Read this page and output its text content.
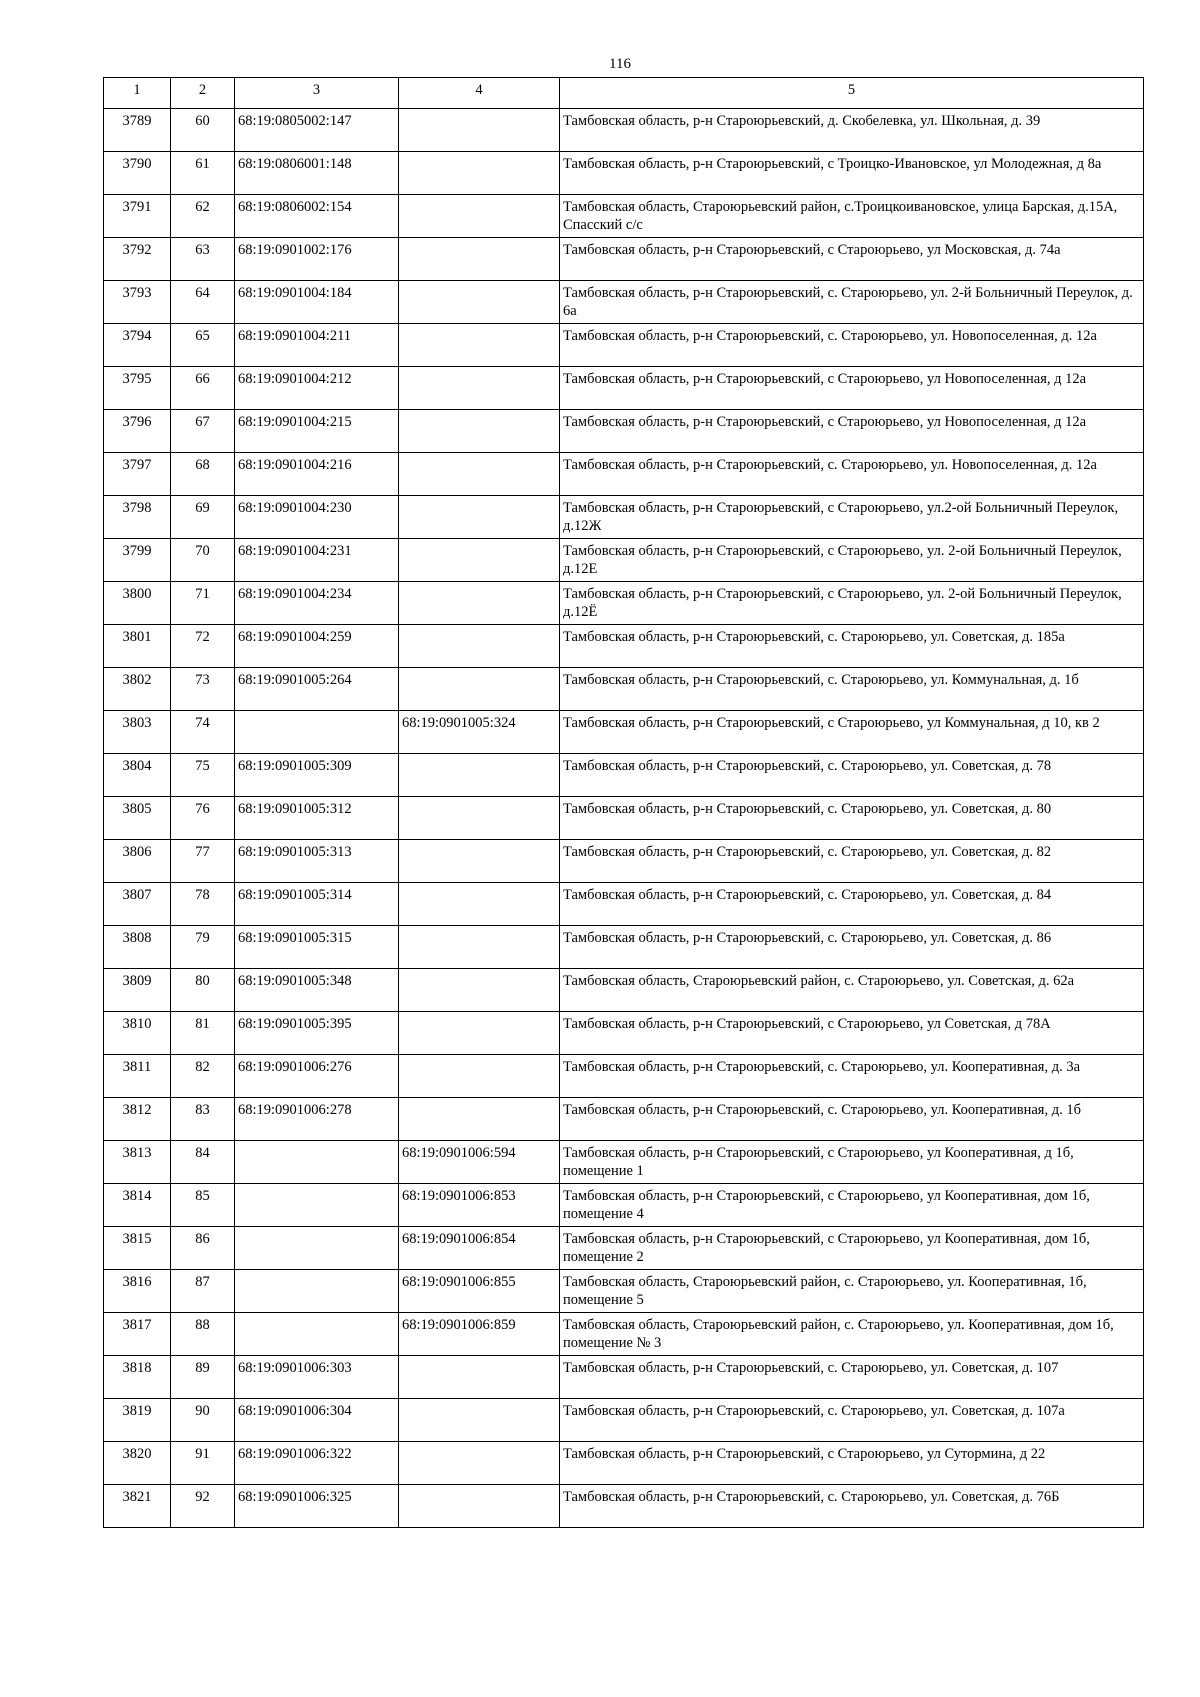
116
1	2	3	4	5
3789	60	68:19:0805002:147		Тамбовская область, р-н Староюрьевский, д. Скобелевка, ул. Школьная, д. 39
3790	61	68:19:0806001:148		Тамбовская область, р-н Староюрьевский, с Троицко-Ивановское, ул Молодежная, д 8а
3791	62	68:19:0806002:154		Тамбовская область, Староюрьевский район, с.Троицкоивановское, улица Барская, д.15А, Спасский с/с
3792	63	68:19:0901002:176		Тамбовская область, р-н Староюрьевский, с Староюрьево, ул Московская, д. 74а
3793	64	68:19:0901004:184		Тамбовская область, р-н Староюрьевский, с. Староюрьево, ул. 2-й Больничный Переулок, д. 6а
3794	65	68:19:0901004:211		Тамбовская область, р-н Староюрьевский, с. Староюрьево, ул. Новопоселенная, д. 12а
3795	66	68:19:0901004:212		Тамбовская область, р-н Староюрьевский, с Староюрьево, ул Новопоселенная, д 12а
3796	67	68:19:0901004:215		Тамбовская область, р-н Староюрьевский, с Староюрьево, ул Новопоселенная, д 12а
3797	68	68:19:0901004:216		Тамбовская область, р-н Староюрьевский, с. Староюрьево, ул. Новопоселенная, д. 12а
3798	69	68:19:0901004:230		Тамбовская область, р-н Староюрьевский, с Староюрьево, ул.2-ой Больничный Переулок, д.12Ж
3799	70	68:19:0901004:231		Тамбовская область, р-н Староюрьевский, с Староюрьево, ул. 2-ой Больничный Переулок, д.12Е
3800	71	68:19:0901004:234		Тамбовская область, р-н Староюрьевский, с Староюрьево, ул. 2-ой Больничный Переулок, д.12Ё
3801	72	68:19:0901004:259		Тамбовская область, р-н Староюрьевский, с. Староюрьево, ул. Советская, д. 185а
3802	73	68:19:0901005:264		Тамбовская область, р-н Староюрьевский, с. Староюрьево, ул. Коммунальная, д. 1б
3803	74		68:19:0901005:324	Тамбовская область, р-н Староюрьевский, с Староюрьево, ул Коммунальная, д 10, кв 2
3804	75	68:19:0901005:309		Тамбовская область, р-н Староюрьевский, с. Староюрьево, ул. Советская, д. 78
3805	76	68:19:0901005:312		Тамбовская область, р-н Староюрьевский, с. Староюрьево, ул. Советская, д. 80
3806	77	68:19:0901005:313		Тамбовская область, р-н Староюрьевский, с. Староюрьево, ул. Советская, д. 82
3807	78	68:19:0901005:314		Тамбовская область, р-н Староюрьевский, с. Староюрьево, ул. Советская, д. 84
3808	79	68:19:0901005:315		Тамбовская область, р-н Староюрьевский, с. Староюрьево, ул. Советская, д. 86
3809	80	68:19:0901005:348		Тамбовская область, Староюрьевский район, с. Староюрьево, ул. Советская, д. 62а
3810	81	68:19:0901005:395		Тамбовская область, р-н Староюрьевский, с Староюрьево, ул Советская, д 78А
3811	82	68:19:0901006:276		Тамбовская область, р-н Староюрьевский, с. Староюрьево, ул. Кооперативная, д. 3а
3812	83	68:19:0901006:278		Тамбовская область, р-н Староюрьевский, с. Староюрьево, ул. Кооперативная, д. 1б
3813	84		68:19:0901006:594	Тамбовская область, р-н Староюрьевский, с Староюрьево, ул Кооперативная, д 1б, помещение 1
3814	85		68:19:0901006:853	Тамбовская область, р-н Староюрьевский, с Староюрьево, ул Кооперативная, дом 1б, помещение 4
3815	86		68:19:0901006:854	Тамбовская область, р-н Староюрьевский, с Староюрьево, ул Кооперативная, дом 1б, помещение 2
3816	87		68:19:0901006:855	Тамбовская область, Староюрьевский район, с. Староюрьево, ул. Кооперативная, 1б, помещение 5
3817	88		68:19:0901006:859	Тамбовская область, Староюрьевский район, с. Староюрьево, ул. Кооперативная, дом 1б, помещение № 3
3818	89	68:19:0901006:303		Тамбовская область, р-н Староюрьевский, с. Староюрьево, ул. Советская, д. 107
3819	90	68:19:0901006:304		Тамбовская область, р-н Староюрьевский, с. Староюрьево, ул. Советская, д. 107а
3820	91	68:19:0901006:322		Тамбовская область, р-н Староюрьевский, с Староюрьево, ул Сутормина, д 22
3821	92	68:19:0901006:325		Тамбовская область, р-н Староюрьевский, с. Староюрьево, ул. Советская, д. 76Б
